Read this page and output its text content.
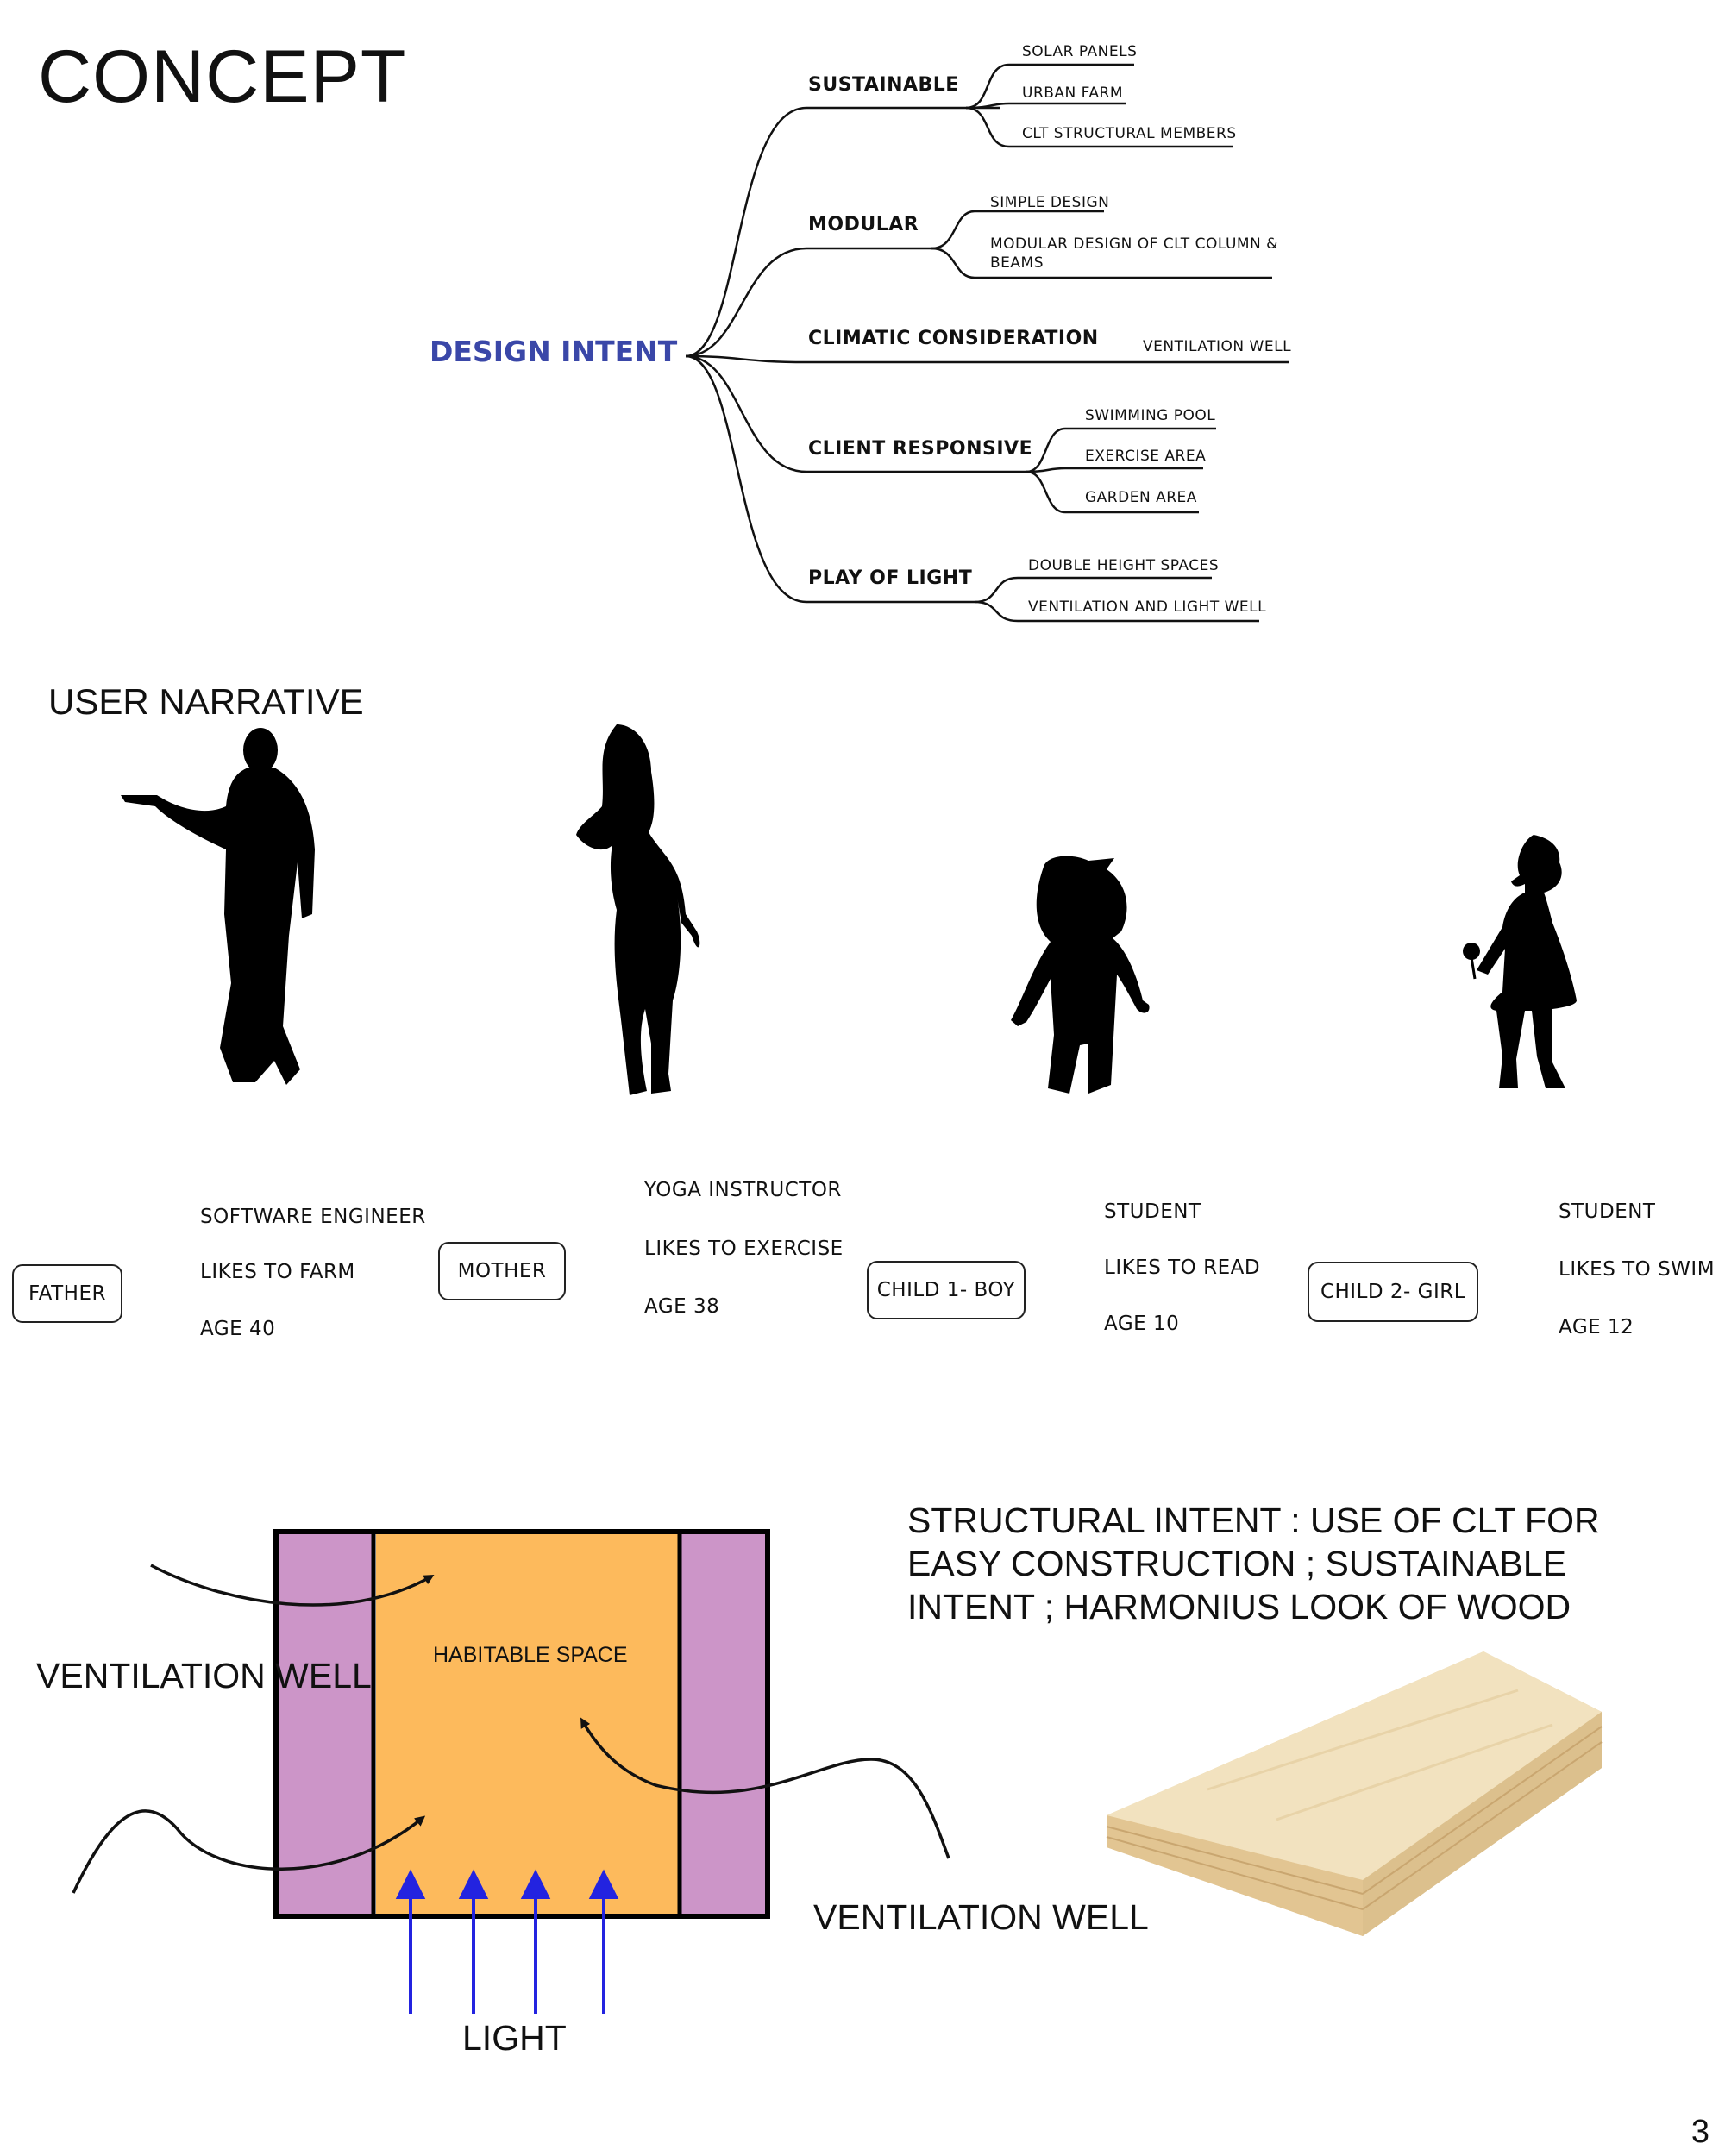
CONCEPT
DESIGN INTENT
SUSTAINABLE
SOLAR PANELS
URBAN FARM
CLT STRUCTURAL MEMBERS
MODULAR
SIMPLE DESIGN
MODULAR DESIGN OF CLT COLUMN &
BEAMS
CLIMATIC CONSIDERATION	VENTILATION WELL
CLIENT RESPONSIVE
SWIMMING POOL
EXERCISE AREA
GARDEN AREA
PLAY OF LIGHT
DOUBLE HEIGHT SPACES
VENTILATION AND LIGHT WELL
USER NARRATIVE
FATHER
SOFTWARE ENGINEER
LIKES TO FARM
AGE 40
MOTHER
YOGA INSTRUCTOR
LIKES TO EXERCISE
AGE 38
CHILD 1- BOY
STUDENT
LIKES TO READ
AGE 10
CHILD 2- GIRL
STUDENT
LIKES TO SWIM
AGE 12
HABITABLE SPACE
VENTILATION WELL
VENTILATION WELL
LIGHT
STRUCTURAL INTENT : USE OF CLT FOR EASY CONSTRUCTION ; SUSTAINABLE INTENT ; HARMONIUS LOOK OF WOOD
3
